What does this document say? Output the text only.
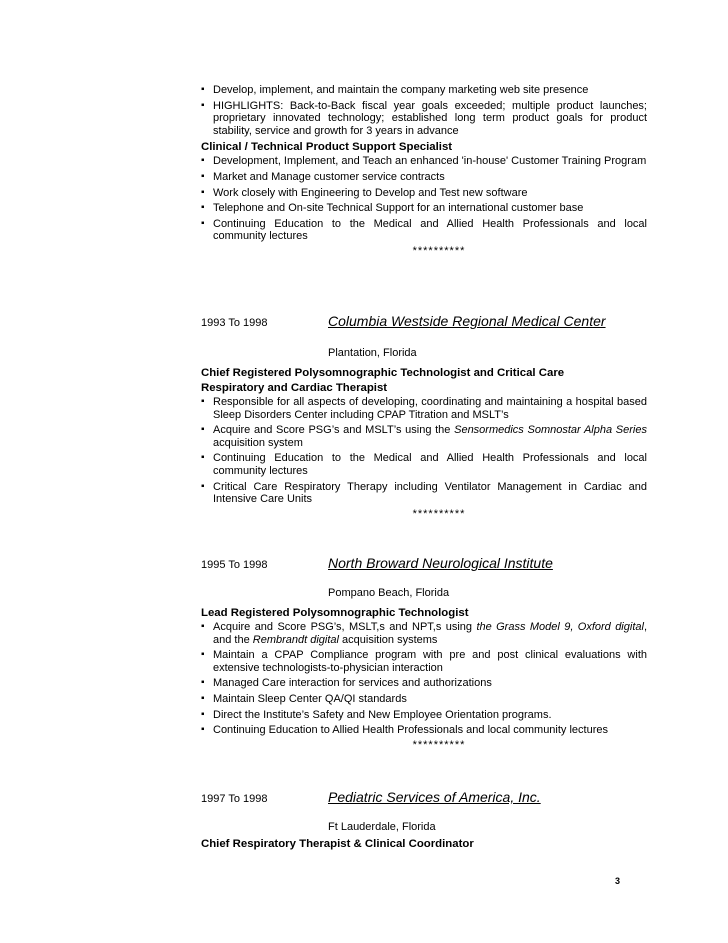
▪ Develop, implement, and maintain the company marketing web site presence
▪ HIGHLIGHTS: Back-to-Back fiscal year goals exceeded; multiple product launches; proprietary innovated technology; established long term product goals for product stability, service and growth for 3 years in advance
Clinical / Technical Product Support Specialist
▪ Development, Implement, and Teach an enhanced 'in-house' Customer Training Program
▪ Market and Manage customer service contracts
▪ Work closely with Engineering to Develop and Test new software
▪ Telephone and On-site Technical Support for an international customer base
▪ Continuing Education to the Medical and Allied Health Professionals and local community lectures
**********
1993 To 1998	Columbia Westside Regional Medical Center
Plantation, Florida
Chief Registered Polysomnographic Technologist and Critical Care
Respiratory and Cardiac Therapist
▪ Responsible for all aspects of developing, coordinating and maintaining a hospital based Sleep Disorders Center including CPAP Titration and MSLT’s
▪ Acquire and Score PSG’s and MSLT’s using the Sensormedics Somnostar Alpha Series acquisition system
▪ Continuing Education to the Medical and Allied Health Professionals and local community lectures
▪ Critical Care Respiratory Therapy including Ventilator Management in Cardiac and Intensive Care Units
**********
1995 To 1998	North Broward Neurological Institute
Pompano Beach, Florida
Lead Registered Polysomnographic Technologist
▪ Acquire and Score PSG’s, MSLT,s and NPT,s using the Grass Model 9, Oxford digital, and the Rembrandt digital acquisition systems
▪ Maintain a CPAP Compliance program with pre and post clinical evaluations with extensive technologists-to-physician interaction
▪ Managed Care interaction for services and authorizations
▪ Maintain Sleep Center QA/QI standards
▪ Direct the Institute’s Safety and New Employee Orientation programs.
▪ Continuing Education to Allied Health Professionals and local community lectures
**********
1997 To 1998	Pediatric Services of America, Inc.
Ft Lauderdale, Florida
Chief Respiratory Therapist & Clinical Coordinator
3
